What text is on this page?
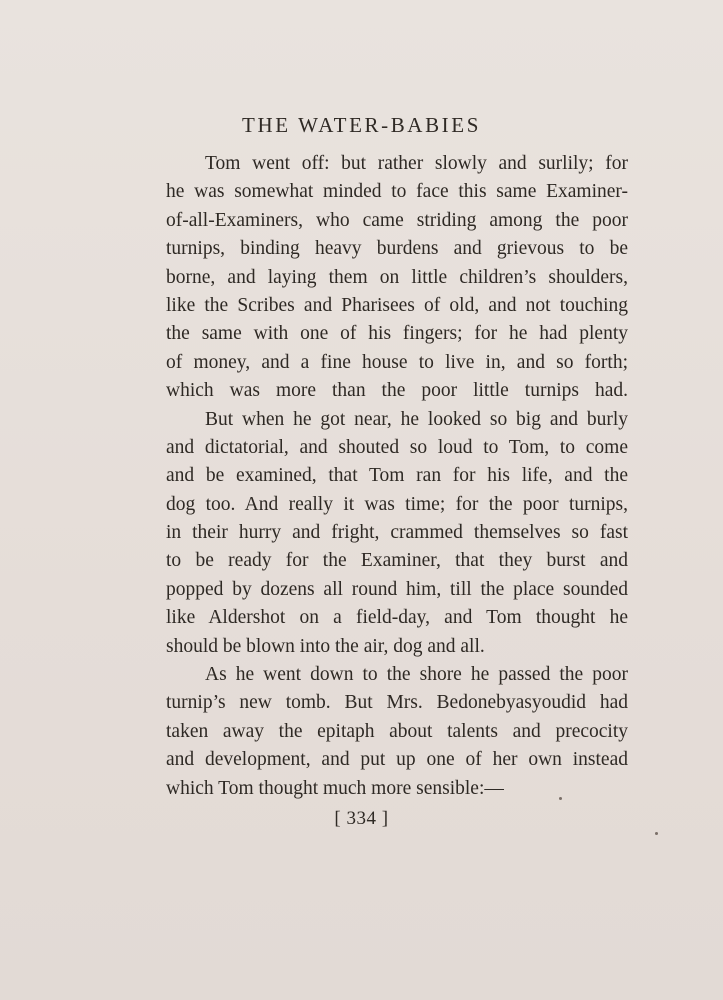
THE WATER-BABIES
Tom went off: but rather slowly and surlily; for
he was somewhat minded to face this same Examiner-
of-all-Examiners, who came striding among the poor
turnips, binding heavy burdens and grievous to be
borne, and laying them on little children’s shoulders,
like the Scribes and Pharisees of old, and not touching
the same with one of his fingers; for he had plenty
of money, and a fine house to live in, and so forth;
which was more than the poor little turnips had.
But when he got near, he looked so big and burly
and dictatorial, and shouted so loud to Tom, to come
and be examined, that Tom ran for his life, and the
dog too. And really it was time; for the poor turnips,
in their hurry and fright, crammed themselves so fast
to be ready for the Examiner, that they burst and
popped by dozens all round him, till the place sounded
like Aldershot on a field-day, and Tom thought he
should be blown into the air, dog and all.
As he went down to the shore he passed the poor
turnip’s new tomb. But Mrs. Bedonebyasyoudid had
taken away the epitaph about talents and precocity
and development, and put up one of her own instead
which Tom thought much more sensible:—
[ 334 ]
